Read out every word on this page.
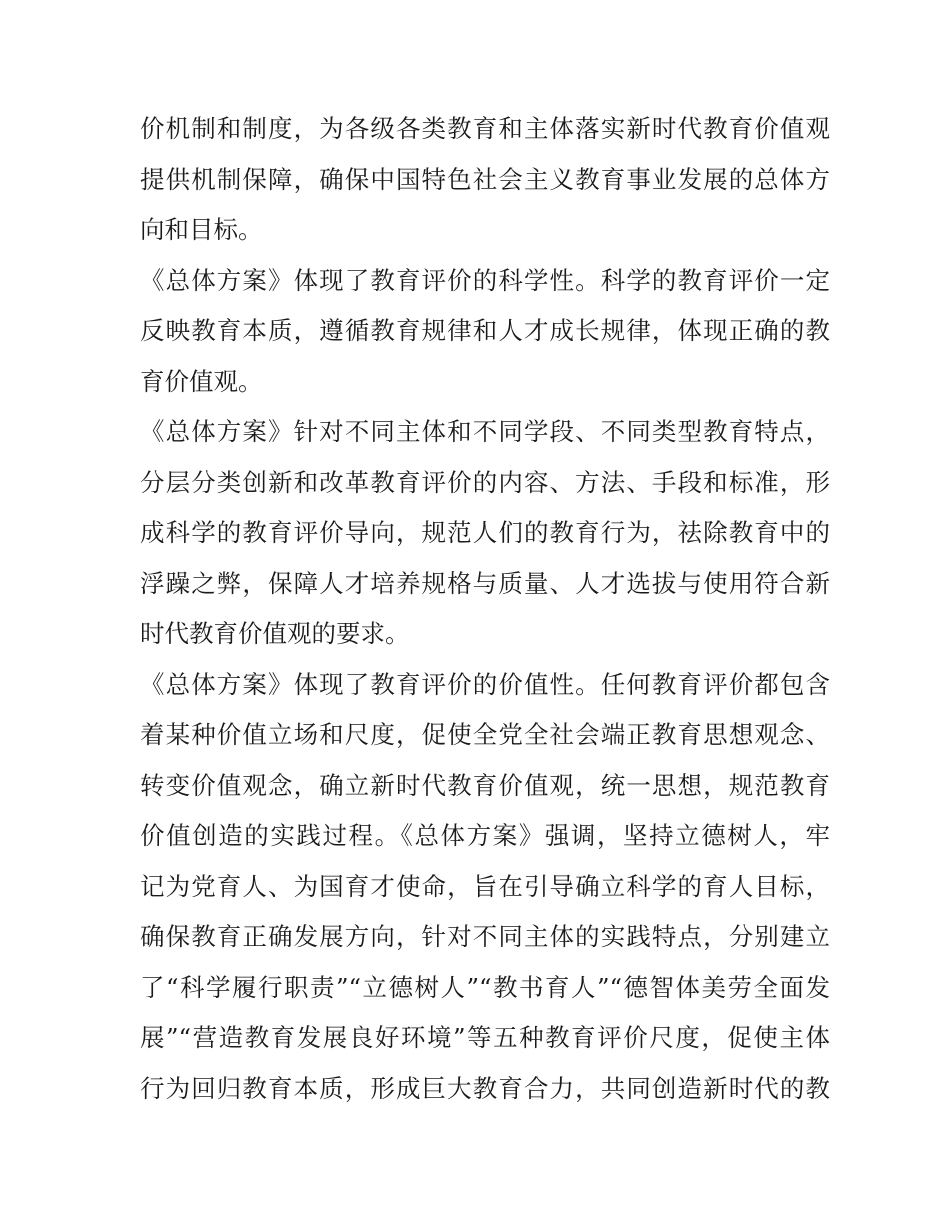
价机制和制度，为各级各类教育和主体落实新时代教育价值观
提供机制保障，确保中国特色社会主义教育事业发展的总体方
向和目标。
《总体方案》体现了教育评价的科学性。科学的教育评价一定
反映教育本质，遵循教育规律和人才成长规律，体现正确的教
育价值观。
《总体方案》针对不同主体和不同学段、不同类型教育特点，
分层分类创新和改革教育评价的内容、方法、手段和标准，形
成科学的教育评价导向，规范人们的教育行为，祛除教育中的
浮躁之弊，保障人才培养规格与质量、人才选拔与使用符合新
时代教育价值观的要求。
《总体方案》体现了教育评价的价值性。任何教育评价都包含
着某种价值立场和尺度，促使全党全社会端正教育思想观念、
转变价值观念，确立新时代教育价值观，统一思想，规范教育
价值创造的实践过程。《总体方案》强调，坚持立德树人，牢
记为党育人、为国育才使命，旨在引导确立科学的育人目标，
确保教育正确发展方向，针对不同主体的实践特点，分别建立
了“科学履行职责”“立德树人”“教书育人”“德智体美劳全面发
展”“营造教育发展良好环境”等五种教育评价尺度，促使主体
行为回归教育本质，形成巨大教育合力，共同创造新时代的教
